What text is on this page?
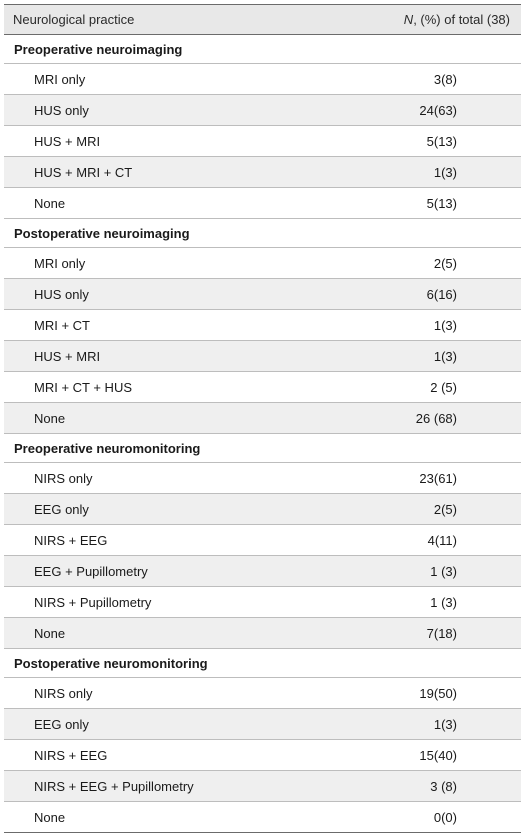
Neurological practice	N, (%) of total (38)
Preoperative neuroimaging
MRI only	3(8)
HUS only	24(63)
HUS + MRI	5(13)
HUS + MRI + CT	1(3)
None	5(13)
Postoperative neuroimaging
MRI only	2(5)
HUS only	6(16)
MRI + CT	1(3)
HUS + MRI	1(3)
MRI + CT + HUS	2 (5)
None	26 (68)
Preoperative neuromonitoring
NIRS only	23(61)
EEG only	2(5)
NIRS + EEG	4(11)
EEG + Pupillometry	1 (3)
NIRS + Pupillometry	1 (3)
None	7(18)
Postoperative neuromonitoring
NIRS only	19(50)
EEG only	1(3)
NIRS + EEG	15(40)
NIRS + EEG + Pupillometry	3 (8)
None	0(0)
